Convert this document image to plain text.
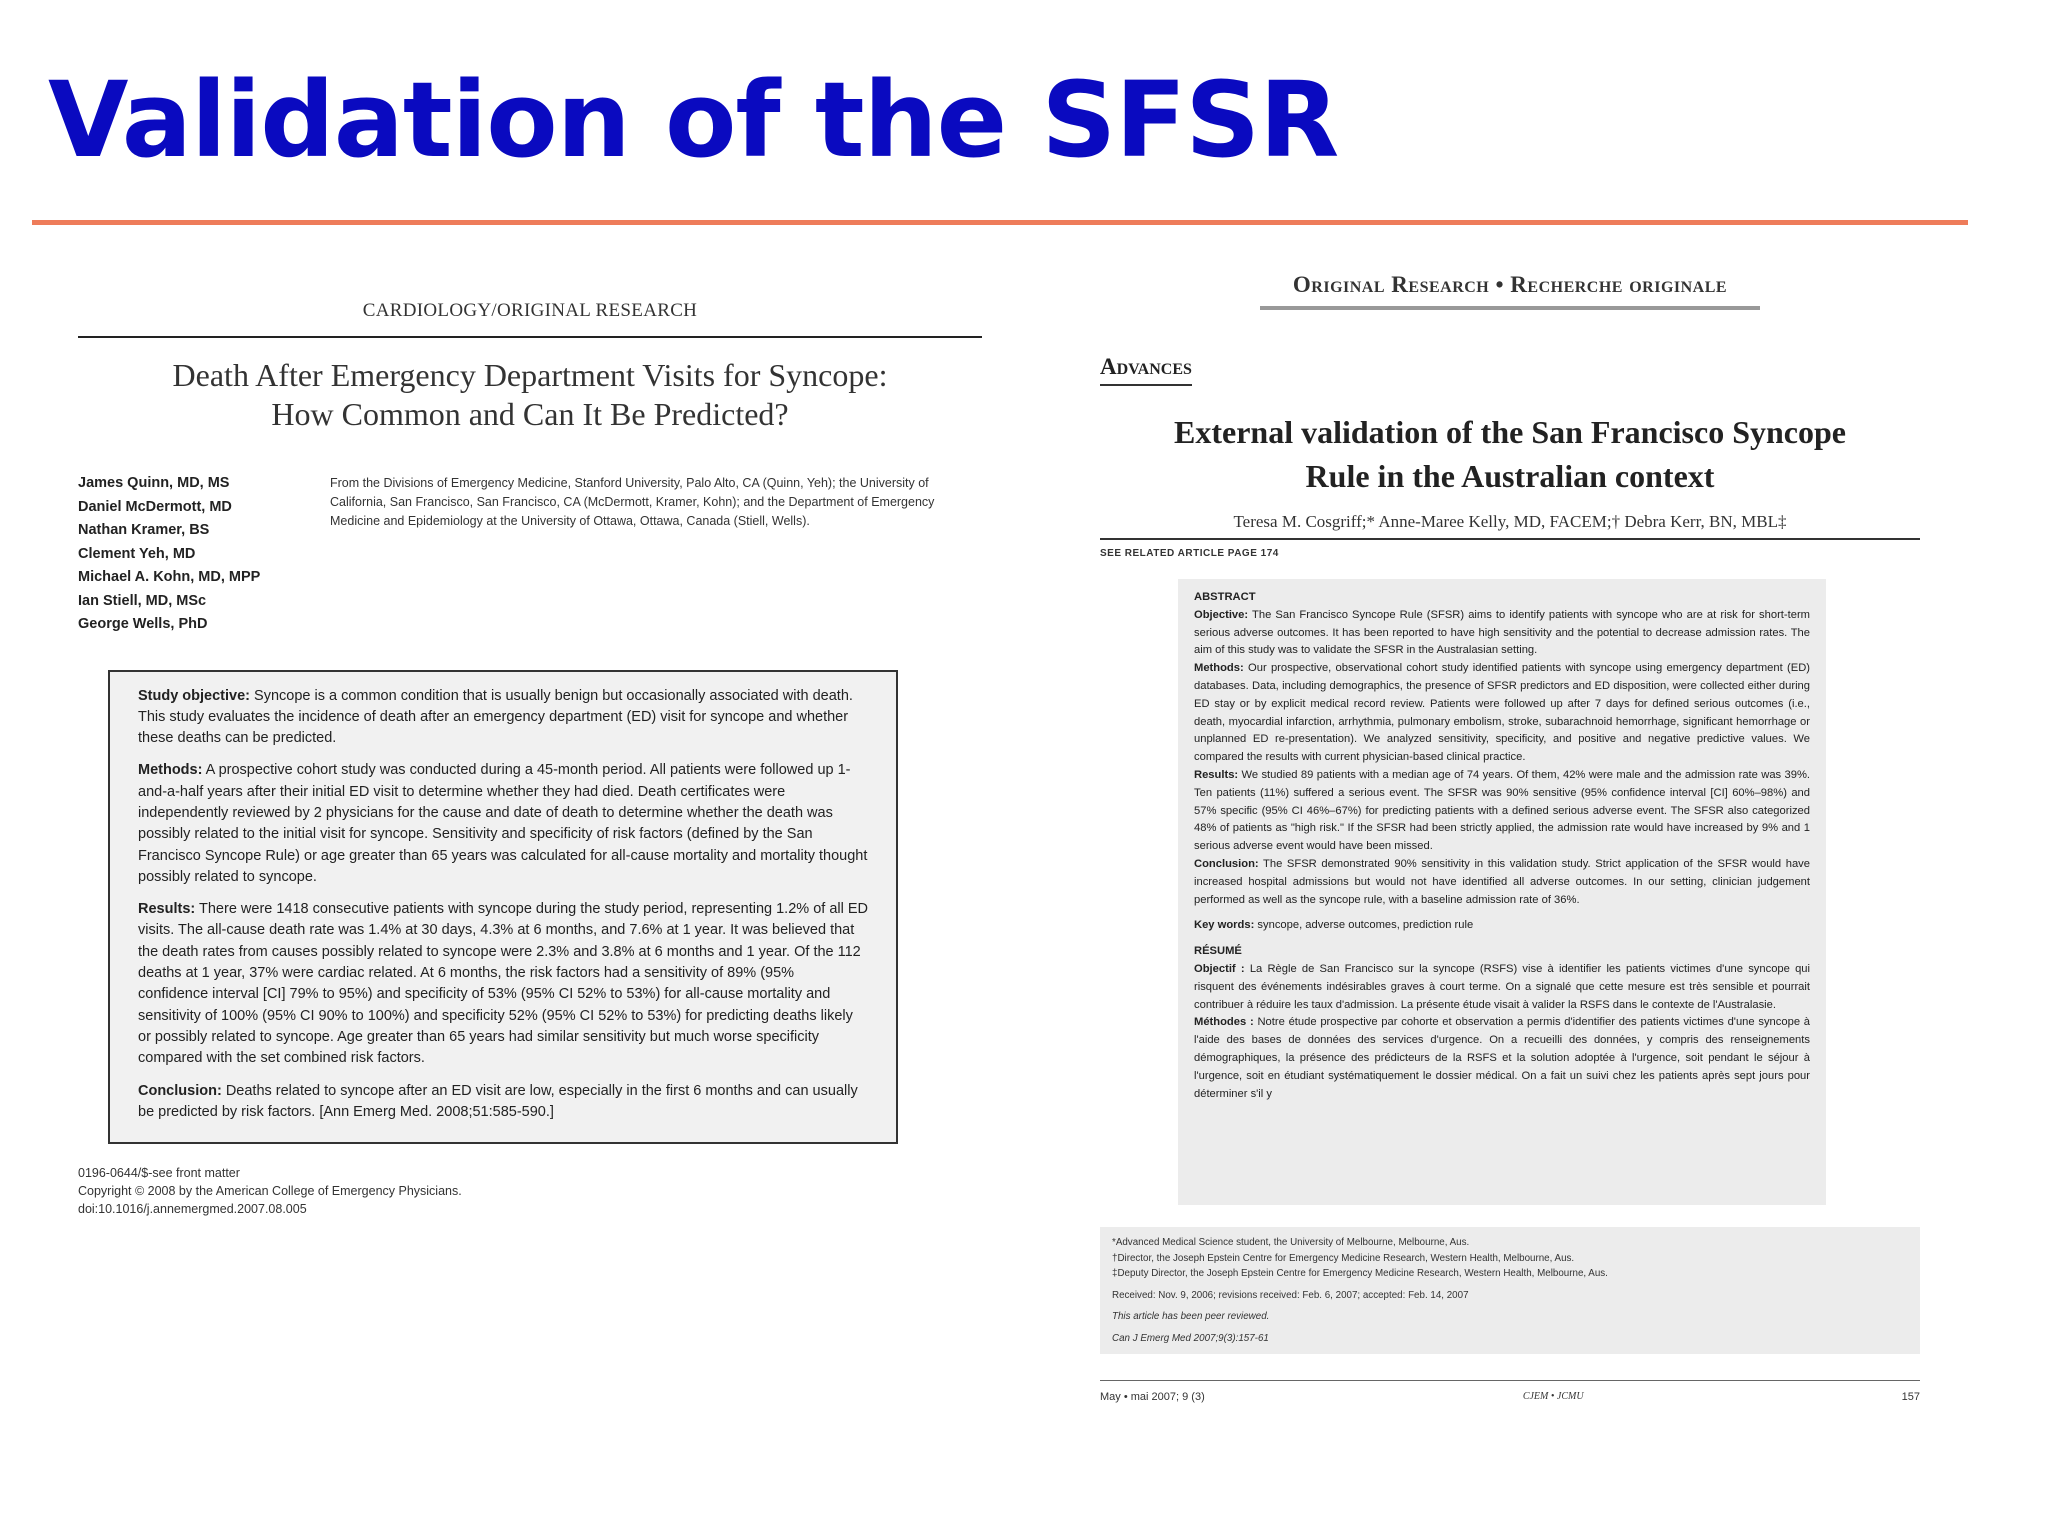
Validation of the SFSR
CARDIOLOGY/ORIGINAL RESEARCH

Death After Emergency Department Visits for Syncope:
How Common and Can It Be Predicted?

James Quinn, MD, MS
Daniel McDermott, MD
Nathan Kramer, BS
Clement Yeh, MD
Michael A. Kohn, MD, MPP
Ian Stiell, MD, MSc
George Wells, PhD
From the Divisions of Emergency Medicine, Stanford University, Palo Alto, CA (Quinn, Yeh); the University of California, San Francisco, San Francisco, CA (McDermott, Kramer, Kohn); and the Department of Emergency Medicine and Epidemiology at the University of Ottawa, Ottawa, Canada (Stiell, Wells).

Study objective: Syncope is a common condition that is usually benign but occasionally associated with death. This study evaluates the incidence of death after an emergency department (ED) visit for syncope and whether these deaths can be predicted.

Methods: A prospective cohort study was conducted during a 45-month period. All patients were followed up 1-and-a-half years after their initial ED visit to determine whether they had died. Death certificates were independently reviewed by 2 physicians for the cause and date of death to determine whether the death was possibly related to the initial visit for syncope. Sensitivity and specificity of risk factors (defined by the San Francisco Syncope Rule) or age greater than 65 years was calculated for all-cause mortality and mortality thought possibly related to syncope.

Results: There were 1418 consecutive patients with syncope during the study period, representing 1.2% of all ED visits. The all-cause death rate was 1.4% at 30 days, 4.3% at 6 months, and 7.6% at 1 year. It was believed that the death rates from causes possibly related to syncope were 2.3% and 3.8% at 6 months and 1 year. Of the 112 deaths at 1 year, 37% were cardiac related. At 6 months, the risk factors had a sensitivity of 89% (95% confidence interval [CI] 79% to 95%) and specificity of 53% (95% CI 52% to 53%) for all-cause mortality and sensitivity of 100% (95% CI 90% to 100%) and specificity 52% (95% CI 52% to 53%) for predicting deaths likely or possibly related to syncope. Age greater than 65 years had similar sensitivity but much worse specificity compared with the set combined risk factors.

Conclusion: Deaths related to syncope after an ED visit are low, especially in the first 6 months and can usually be predicted by risk factors. [Ann Emerg Med. 2008;51:585-590.]

0196-0644/$-see front matter
Copyright © 2008 by the American College of Emergency Physicians.
doi:10.1016/j.annemergmed.2007.08.005
Original Research • Recherche originale
Advances

External validation of the San Francisco Syncope
Rule in the Australian context

Teresa M. Cosgriff;* Anne-Maree Kelly, MD, FACEM;† Debra Kerr, BN, MBL‡
SEE RELATED ARTICLE PAGE 174

ABSTRACT

Objective: The San Francisco Syncope Rule (SFSR) aims to identify patients with syncope who are at risk for short-term serious adverse outcomes. It has been reported to have high sensitivity and the potential to decrease admission rates. The aim of this study was to validate the SFSR in the Australasian setting.

Methods: Our prospective, observational cohort study identified patients with syncope using emergency department (ED) databases. Data, including demographics, the presence of SFSR predictors and ED disposition, were collected either during ED stay or by explicit medical record review. Patients were followed up after 7 days for defined serious outcomes (i.e., death, myocardial infarction, arrhythmia, pulmonary embolism, stroke, subarachnoid hemorrhage, significant hemorrhage or unplanned ED re-presentation). We analyzed sensitivity, specificity, and positive and negative predictive values. We compared the results with current physician-based clinical practice.

Results: We studied 89 patients with a median age of 74 years. Of them, 42% were male and the admission rate was 39%. Ten patients (11%) suffered a serious event. The SFSR was 90% sensitive (95% confidence interval [CI] 60%–98%) and 57% specific (95% CI 46%–67%) for predicting patients with a defined serious adverse event. The SFSR also categorized 48% of patients as "high risk." If the SFSR had been strictly applied, the admission rate would have increased by 9% and 1 serious adverse event would have been missed.

Conclusion: The SFSR demonstrated 90% sensitivity in this validation study. Strict application of the SFSR would have increased hospital admissions but would not have identified all adverse outcomes. In our setting, clinician judgement performed as well as the syncope rule, with a baseline admission rate of 36%.

Key words: syncope, adverse outcomes, prediction rule

RÉSUMÉ

Objectif : La Règle de San Francisco sur la syncope (RSFS) vise à identifier les patients victimes d'une syncope qui risquent des événements indésirables graves à court terme. On a signalé que cette mesure est très sensible et pourrait contribuer à réduire les taux d'admission. La présente étude visait à valider la RSFS dans le contexte de l'Australasie.

Méthodes : Notre étude prospective par cohorte et observation a permis d'identifier des patients victimes d'une syncope à l'aide des bases de données des services d'urgence. On a recueilli des données, y compris des renseignements démographiques, la présence des prédicteurs de la RSFS et la solution adoptée à l'urgence, soit pendant le séjour à l'urgence, soit en étudiant systématiquement le dossier médical. On a fait un suivi chez les patients après sept jours pour déterminer s'il y

*Advanced Medical Science student, the University of Melbourne, Melbourne, Aus.

†Director, the Joseph Epstein Centre for Emergency Medicine Research, Western Health, Melbourne, Aus.

‡Deputy Director, the Joseph Epstein Centre for Emergency Medicine Research, Western Health, Melbourne, Aus.

Received: Nov. 9, 2006; revisions received: Feb. 6, 2007; accepted: Feb. 14, 2007

This article has been peer reviewed.

Can J Emerg Med 2007;9(3):157-61

May • mai 2007; 9 (3)	CJEM • JCMU	157
